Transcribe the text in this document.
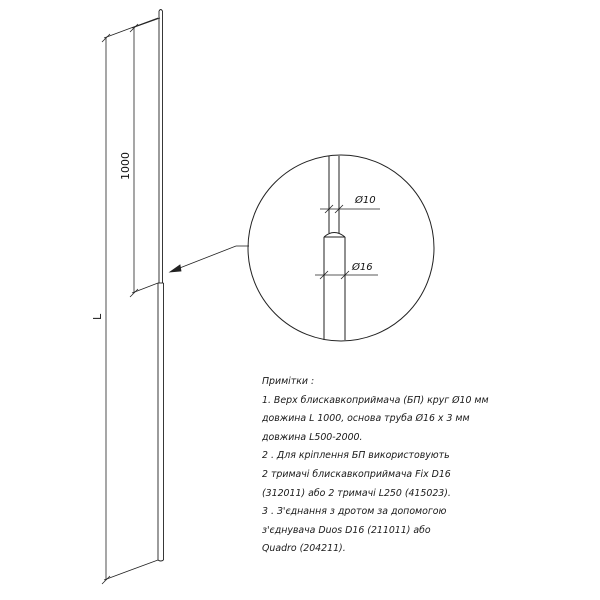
1000
L
Ø10
Ø16
Примітки :
1. Верх блискавкоприймача (БП) круг Ø10 мм
довжина L 1000, основа труба Ø16 х 3 мм
довжина L500-2000.
2 . Для кріплення БП використовують
2 тримачі блискавкоприймача Fix D16
(312011) або 2 тримачі L250 (415023).
3 . З'єднання з дротом за допомогою
з'єднувача Duos D16 (211011) або
Quadro (204211).
